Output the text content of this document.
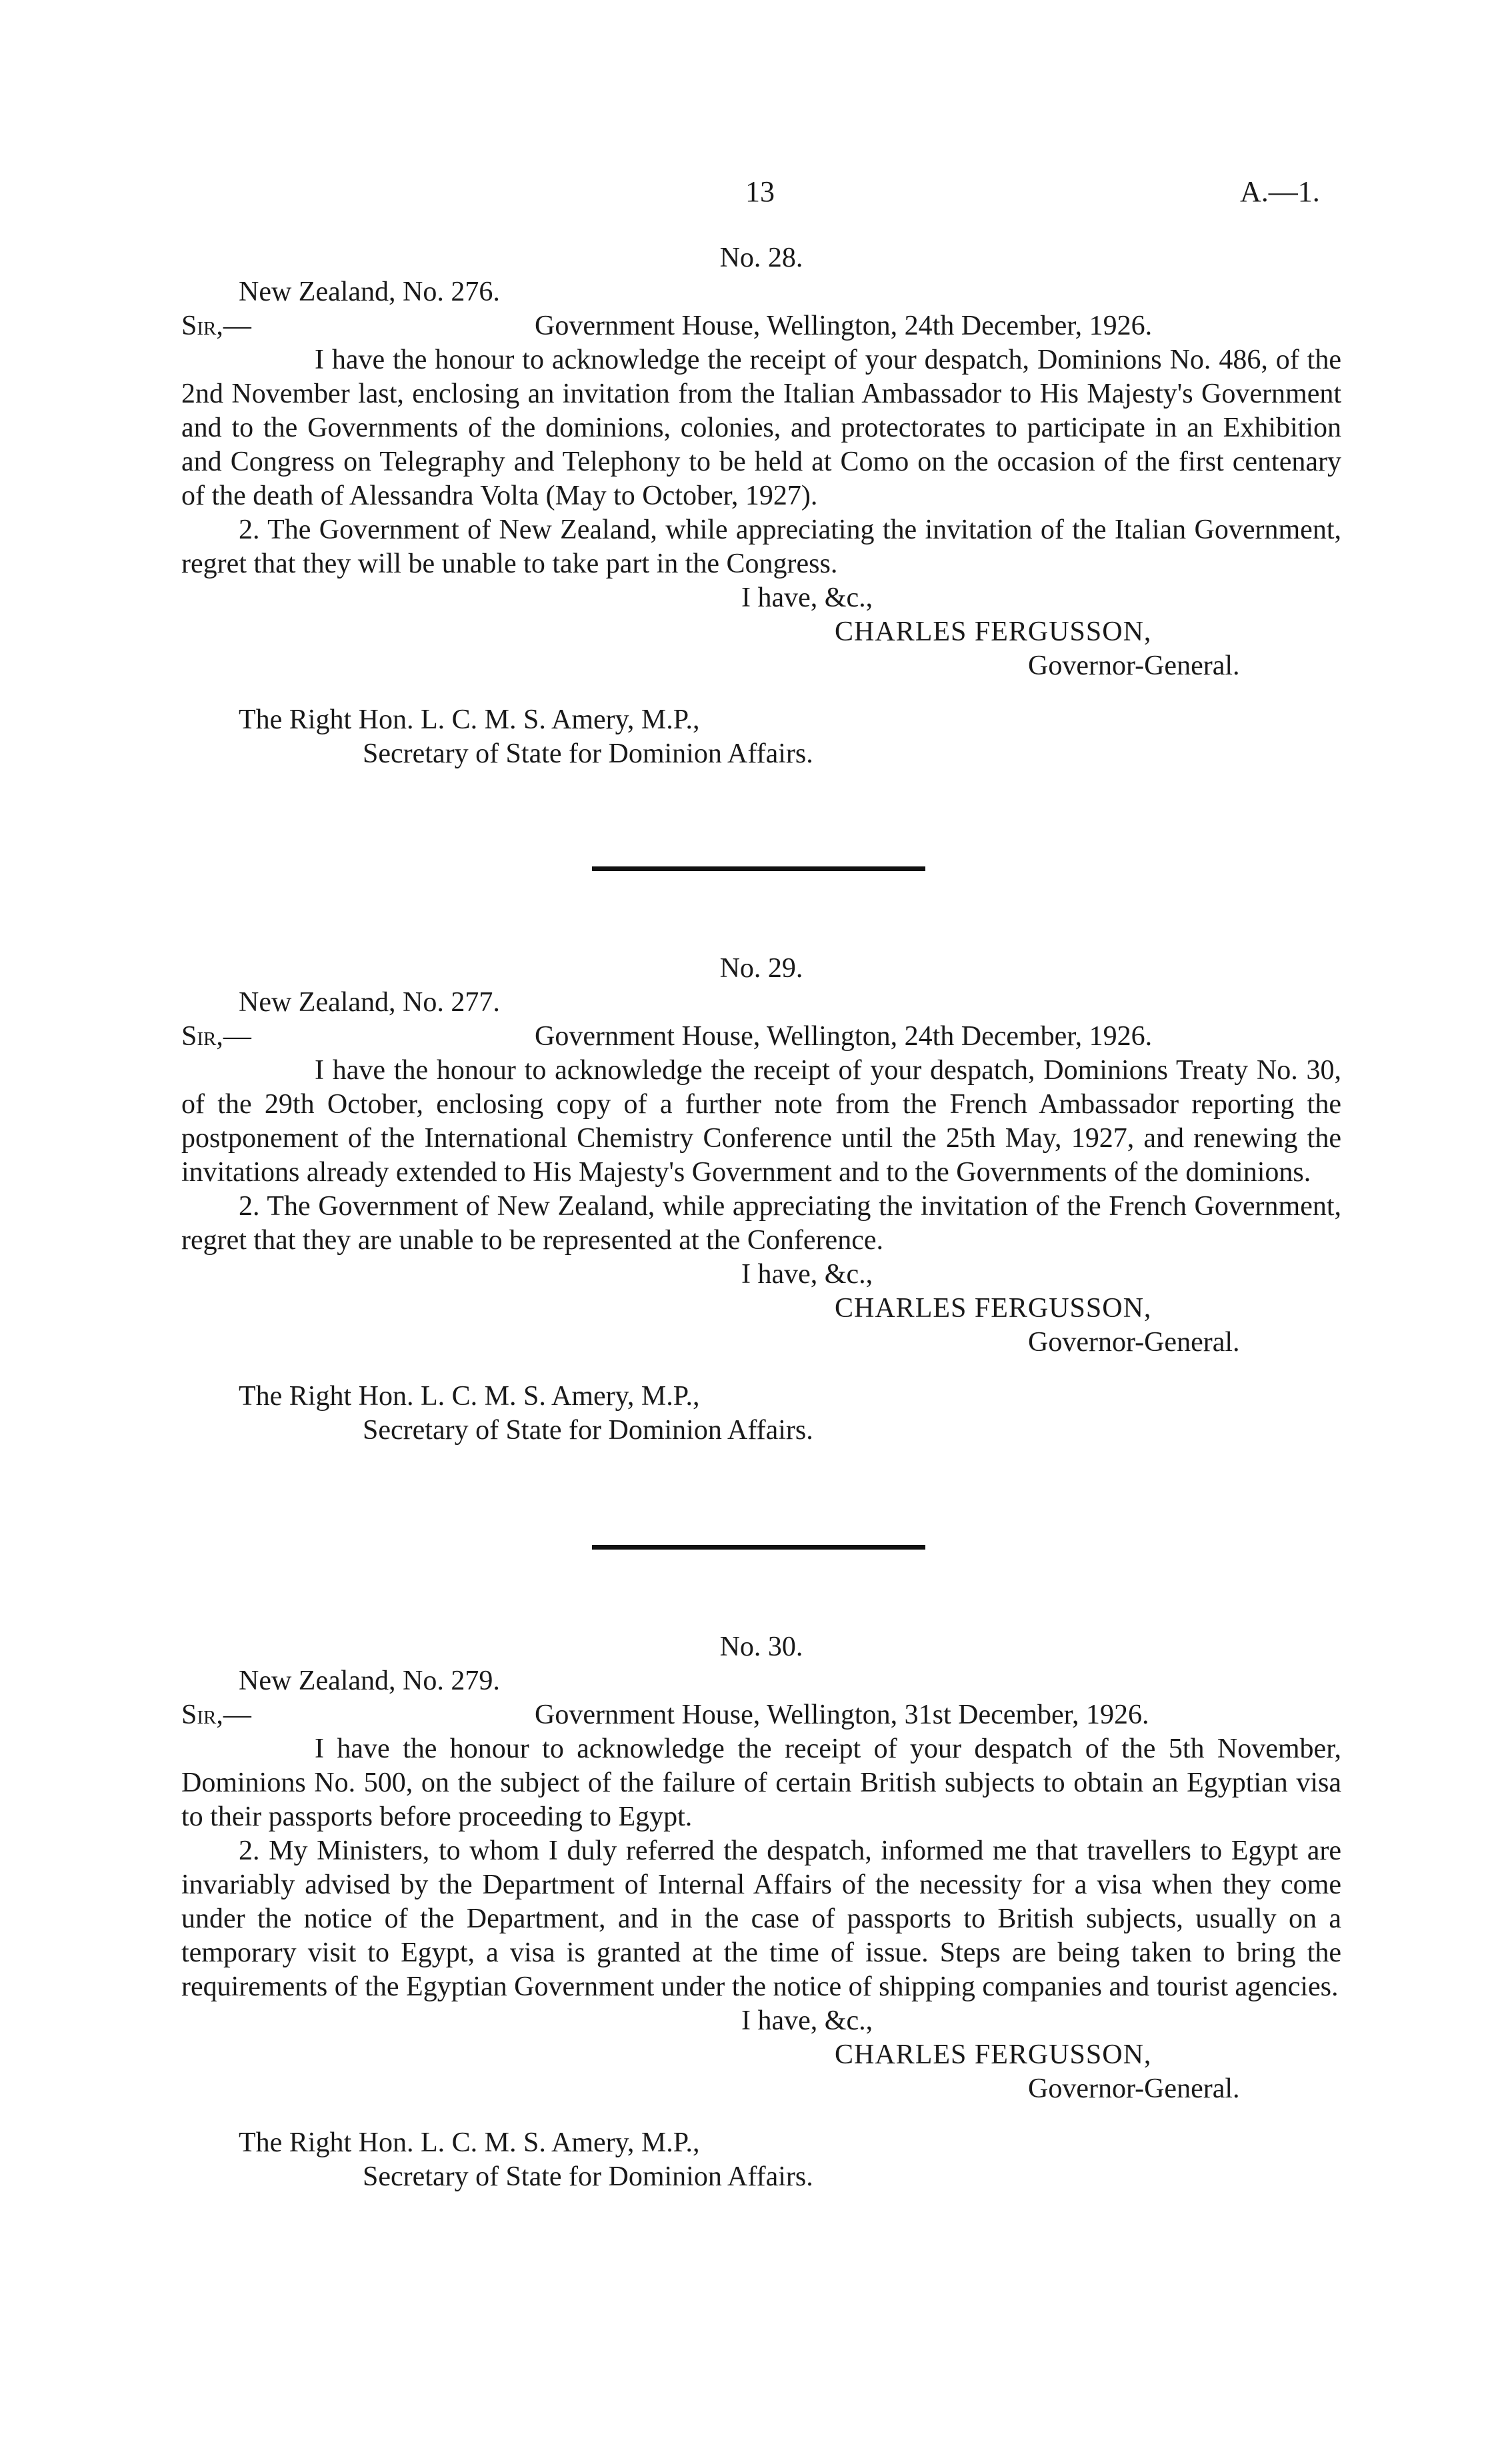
13	A.—1.
No. 28.
New Zealand, No. 276.
Sir,—	Government House, Wellington, 24th December, 1926.

I have the honour to acknowledge the receipt of your despatch, Dominions No. 486, of the 2nd November last, enclosing an invitation from the Italian Ambassador to His Majesty's Government and to the Governments of the dominions, colonies, and protectorates to participate in an Exhibition and Congress on Telegraphy and Telephony to be held at Como on the occasion of the first centenary of the death of Alessandra Volta (May to October, 1927).

2. The Government of New Zealand, while appreciating the invitation of the Italian Government, regret that they will be unable to take part in the Congress.

I have, &c.,
CHARLES FERGUSSON,
Governor-General.
The Right Hon. L. C. M. S. Amery, M.P.,
Secretary of State for Dominion Affairs.
No. 29.
New Zealand, No. 277.
Sir,—	Government House, Wellington, 24th December, 1926.

I have the honour to acknowledge the receipt of your despatch, Dominions Treaty No. 30, of the 29th October, enclosing copy of a further note from the French Ambassador reporting the postponement of the International Chemistry Conference until the 25th May, 1927, and renewing the invitations already extended to His Majesty's Government and to the Governments of the dominions.

2. The Government of New Zealand, while appreciating the invitation of the French Government, regret that they are unable to be represented at the Conference.

I have, &c.,
CHARLES FERGUSSON,
Governor-General.
The Right Hon. L. C. M. S. Amery, M.P.,
Secretary of State for Dominion Affairs.
No. 30.
New Zealand, No. 279.
Sir,—	Government House, Wellington, 31st December, 1926.

I have the honour to acknowledge the receipt of your despatch of the 5th November, Dominions No. 500, on the subject of the failure of certain British subjects to obtain an Egyptian visa to their passports before proceeding to Egypt.

2. My Ministers, to whom I duly referred the despatch, informed me that travellers to Egypt are invariably advised by the Department of Internal Affairs of the necessity for a visa when they come under the notice of the Department, and in the case of passports to British subjects, usually on a temporary visit to Egypt, a visa is granted at the time of issue. Steps are being taken to bring the requirements of the Egyptian Government under the notice of shipping companies and tourist agencies.

I have, &c.,
CHARLES FERGUSSON,
Governor-General.
The Right Hon. L. C. M. S. Amery, M.P.,
Secretary of State for Dominion Affairs.
